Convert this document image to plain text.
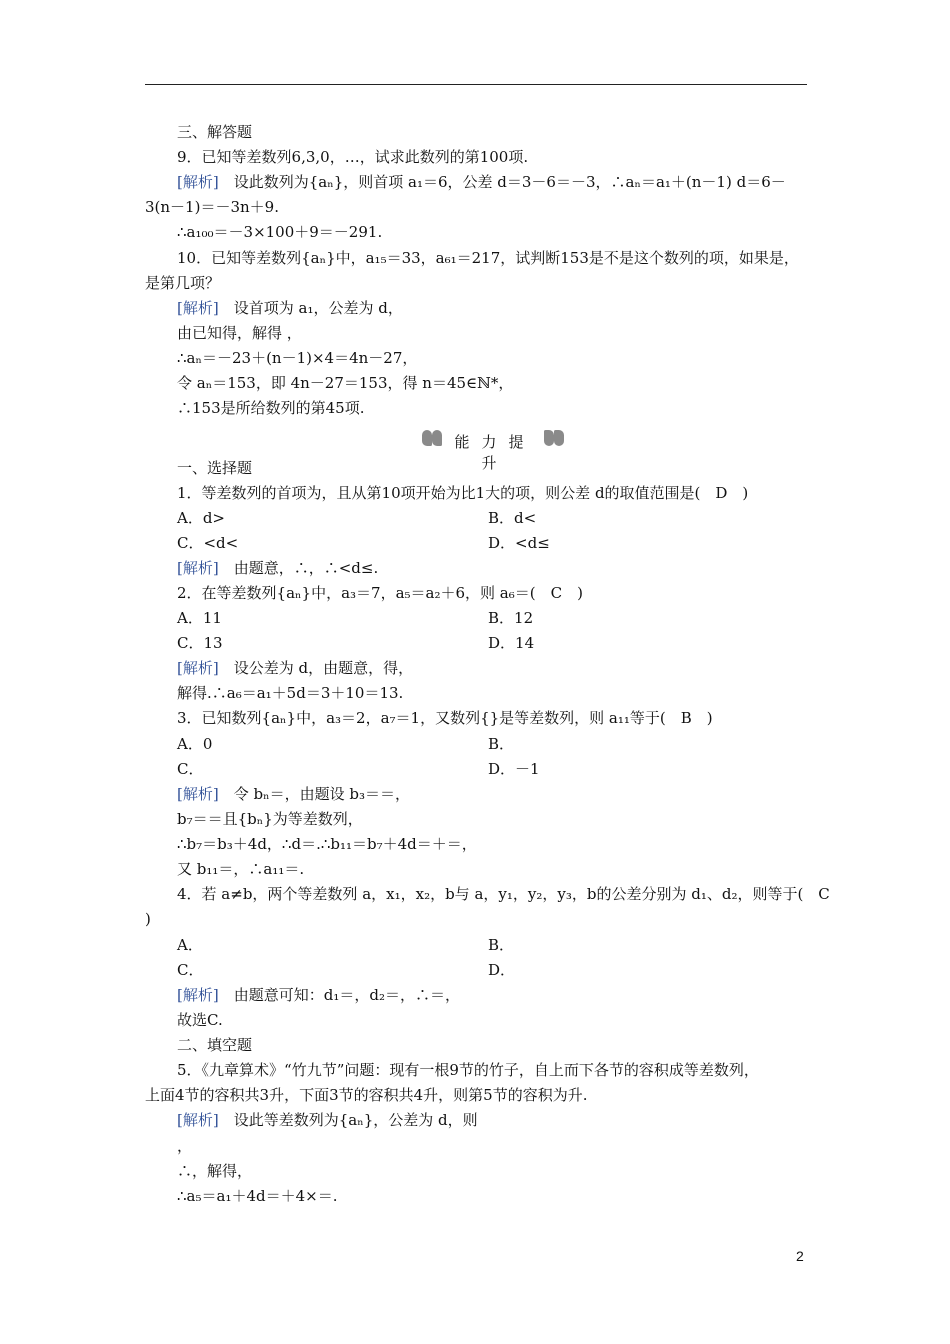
三、解答题
9．已知等差数列6,3,0，…，试求此数列的第100项.
[解析]　 设此数列为{aₙ}，则首项 a₁＝6，公差 d＝3－6＝－3，∴aₙ＝a₁＋(n－1) d＝6－
3(n－1)＝－3n＋9.
∴a₁₀₀＝－3×100＋9＝－291.
10．已知等差数列{aₙ}中，a₁₅＝33，a₆₁＝217，试判断153是不是这个数列的项，如果是，
是第几项？
[解析]　 设首项为 a₁，公差为 d，
由已知得，解得 ，
∴aₙ＝－23＋(n－1)×4＝4n－27，
令 aₙ＝153，即 4n－27＝153，得 n＝45∈ℕ*，
∴153是所给数列的第45项.
能力提升
一、选择题
1．等差数列的首项为，且从第10项开始为比1大的项，则公差 d的取值范围是(　D　)
A．d>	B．d<
C．<d<	D．<d≤
[解析]　 由题意，∴，∴<d≤.
2．在等差数列{aₙ}中，a₃＝7，a₅＝a₂＋6，则 a₆＝(　C　)
A．11	B．12
C．13	D．14
[解析]　 设公差为 d，由题意，得，
解得.∴a₆＝a₁＋5d＝3＋10＝13.
3．已知数列{aₙ}中，a₃＝2，a₇＝1，又数列{}是等差数列，则 a₁₁等于(　B　)
A．0	B．
C．	D．－1
[解析]　 令 bₙ＝，由题设 b₃＝＝，
b₇＝＝且{bₙ}为等差数列，
∴b₇＝b₃＋4d，∴d＝.∴b₁₁＝b₇＋4d＝＋＝，
又 b₁₁＝，∴a₁₁＝.
4．若 a≠b，两个等差数列 a，x₁，x₂，b与 a，y₁，y₂，y₃，b的公差分别为 d₁、d₂，则等于(　C
)
A．	B．
C．	D．
[解析]　 由题意可知：d₁＝，d₂＝，∴＝，
故选C.
二、填空题
5．《九章算术》“竹九节”问题：现有一根9节的竹子，自上而下各节的容积成等差数列，
上面4节的容积共3升，下面3节的容积共4升，则第5节的容积为升.
[解析]　 设此等差数列为{aₙ}，公差为 d，则
，
∴，解得，
∴a₅＝a₁＋4d＝＋4×＝.
2
